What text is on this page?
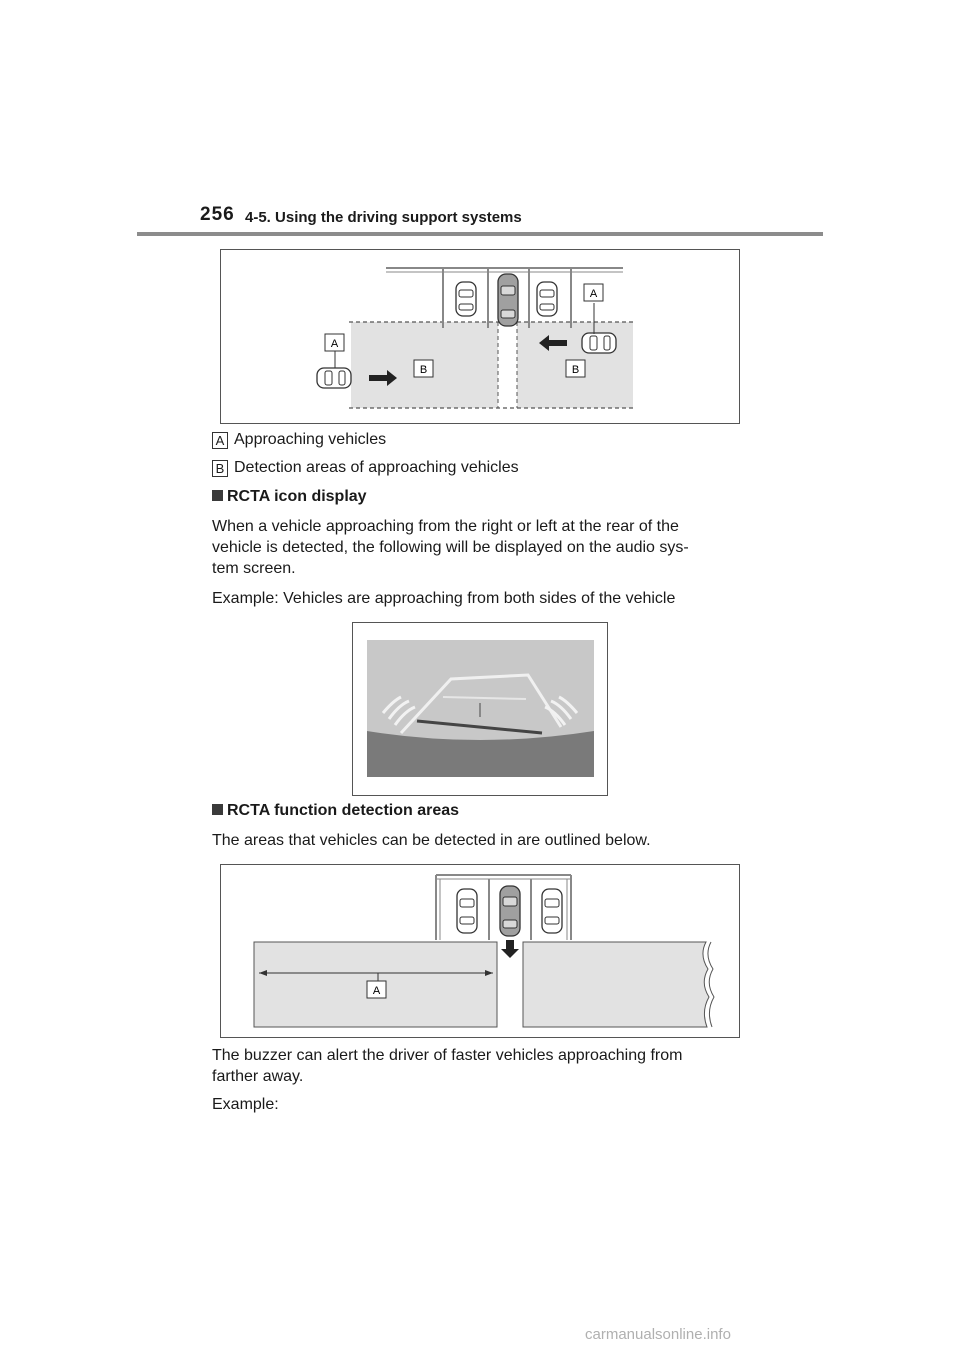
256 4-5. Using the driving support systems
A
A
B	B
A Approaching vehicles
B Detection areas of approaching vehicles
RCTA icon display
When a vehicle approaching from the right or left at the rear of the
vehicle is detected, the following will be displayed on the audio sys-
tem screen.
Example: Vehicles are approaching from both sides of the vehicle
RCTA function detection areas
The areas that vehicles can be detected in are outlined below.
A
The buzzer can alert the driver of faster vehicles approaching from
farther away.
Example:
carmanualsonline.info
